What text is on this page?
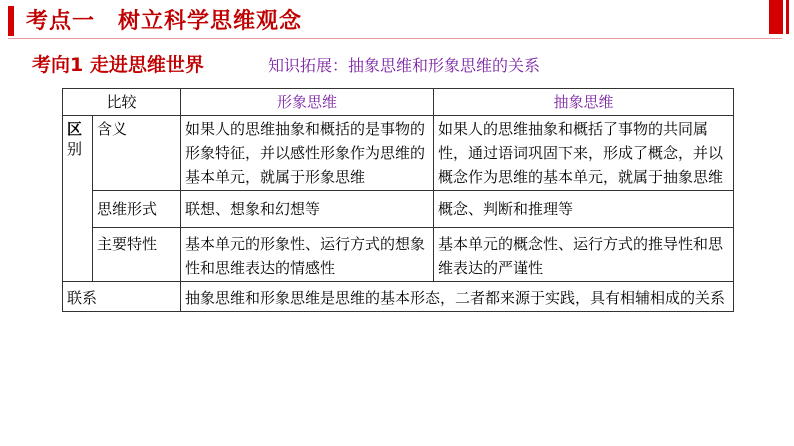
考点一　树立科学思维观念
考向1 走进思维世界	知识拓展：抽象思维和形象思维的关系
比较		形象思维	抽象思维

区
别	含义	如果人的思维抽象和概括的是事物的形象特征，并以感性形象作为思维的基本单元，就属于形象思维	如果人的思维抽象和概括了事物的共同属性，通过语词巩固下来，形成了概念，并以概念作为思维的基本单元，就属于抽象思维
	思维形式	联想、想象和幻想等	概念、判断和推理等
	主要特性	基本单元的形象性、运行方式的想象性和思维表达的情感性	基本单元的概念性、运行方式的推导性和思维表达的严谨性
联系		抽象思维和形象思维是思维的基本形态，二者都来源于实践，具有相辅相成的关系	
